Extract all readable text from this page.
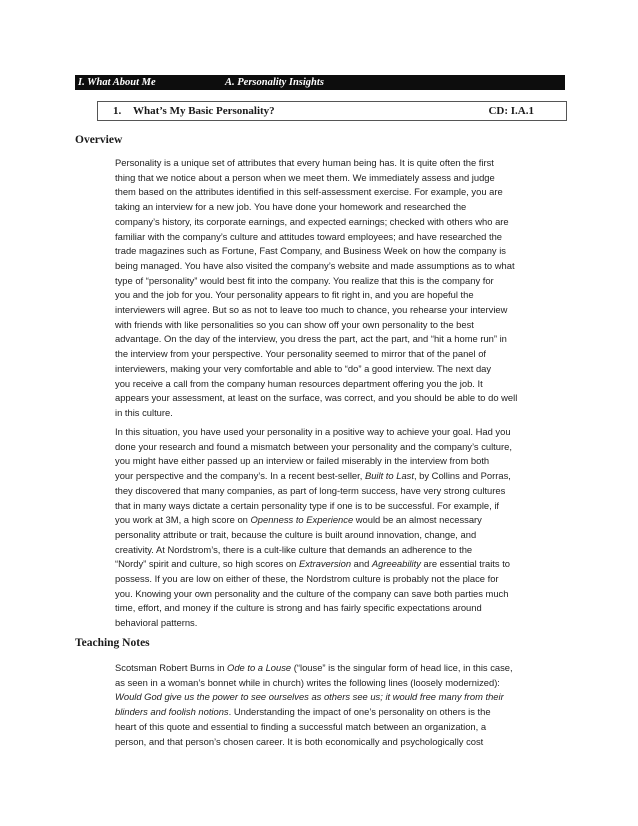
I. What About Me	A. Personality Insights
1. What’s My Basic Personality?	CD: I.A.1
Overview

Personality is a unique set of attributes that every human being has. It is quite often the first
thing that we notice about a person when we meet them. We immediately assess and judge
them based on the attributes identified in this self-assessment exercise. For example, you are
taking an interview for a new job. You have done your homework and researched the
company’s history, its corporate earnings, and expected earnings; checked with others who are
familiar with the company’s culture and attitudes toward employees; and have researched the
trade magazines such as Fortune, Fast Company, and Business Week on how the company is
being managed. You have also visited the company’s website and made assumptions as to what
type of “personality” would best fit into the company. You realize that this is the company for
you and the job for you. Your personality appears to fit right in, and you are hopeful the
interviewers will agree. But so as not to leave too much to chance, you rehearse your interview
with friends with like personalities so you can show off your own personality to the best
advantage. On the day of the interview, you dress the part, act the part, and “hit a home run” in
the interview from your perspective. Your personality seemed to mirror that of the panel of
interviewers, making your very comfortable and able to “do” a good interview. The next day
you receive a call from the company human resources department offering you the job. It
appears your assessment, at least on the surface, was correct, and you should be able to do well
in this culture.

In this situation, you have used your personality in a positive way to achieve your goal. Had you
done your research and found a mismatch between your personality and the company’s culture,
you might have either passed up an interview or failed miserably in the interview from both
your perspective and the company’s. In a recent best-seller, Built to Last, by Collins and Porras,
they discovered that many companies, as part of long-term success, have very strong cultures
that in many ways dictate a certain personality type if one is to be successful. For example, if
you work at 3M, a high score on Openness to Experience would be an almost necessary
personality attribute or trait, because the culture is built around innovation, change, and
creativity. At Nordstrom’s, there is a cult-like culture that demands an adherence to the
“Nordy” spirit and culture, so high scores on Extraversion and Agreeability are essential traits to
possess. If you are low on either of these, the Nordstrom culture is probably not the place for
you. Knowing your own personality and the culture of the company can save both parties much
time, effort, and money if the culture is strong and has fairly specific expectations around
behavioral patterns.

Teaching Notes

Scotsman Robert Burns in Ode to a Louse (“louse” is the singular form of head lice, in this case,
as seen in a woman’s bonnet while in church) writes the following lines (loosely modernized):
Would God give us the power to see ourselves as others see us; it would free many from their
blinders and foolish notions. Understanding the impact of one’s personality on others is the
heart of this quote and essential to finding a successful match between an organization, a
person, and that person’s chosen career. It is both economically and psychologically cost
